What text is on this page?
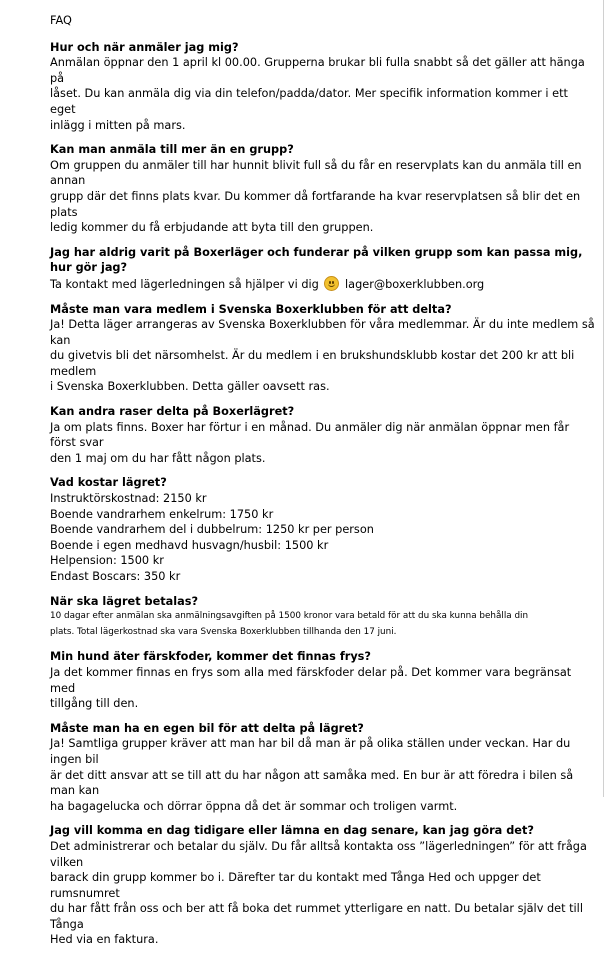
FAQ
Hur och när anmäler jag mig?
Anmälan öppnar den 1 april kl 00.00. Grupperna brukar bli fulla snabbt så det gäller att hänga på
låset. Du kan anmäla dig via din telefon/padda/dator. Mer specifik information kommer i ett eget
inlägg i mitten på mars.
Kan man anmäla till mer än en grupp?
Om gruppen du anmäler till har hunnit blivit full så du får en reservplats kan du anmäla till en annan
grupp där det finns plats kvar. Du kommer då fortfarande ha kvar reservplatsen så blir det en plats
ledig kommer du få erbjudande att byta till den gruppen.
Jag har aldrig varit på Boxerläger och funderar på vilken grupp som kan passa mig, hur gör jag?
Ta kontakt med lägerledningen så hjälper vi dig lager@boxerklubben.org
Måste man vara medlem i Svenska Boxerklubben för att delta?
Ja! Detta läger arrangeras av Svenska Boxerklubben för våra medlemmar. Är du inte medlem så kan
du givetvis bli det närsomhelst. Är du medlem i en brukshundsklubb kostar det 200 kr att bli medlem
i Svenska Boxerklubben. Detta gäller oavsett ras.
Kan andra raser delta på Boxerlägret?
Ja om plats finns. Boxer har förtur i en månad. Du anmäler dig när anmälan öppnar men får först svar
den 1 maj om du har fått någon plats.
Vad kostar lägret?
Instruktörskostnad: 2150 kr
Boende vandrarhem enkelrum: 1750 kr
Boende vandrarhem del i dubbelrum: 1250 kr per person
Boende i egen medhavd husvagn/husbil: 1500 kr
Helpension: 1500 kr
Endast Boscars: 350 kr
När ska lägret betalas?
10 dagar efter anmälan ska anmälningsavgiften på 1500 kronor vara betald för att du ska kunna behålla din
plats. Total lägerkostnad ska vara Svenska Boxerklubben tillhanda den 17 juni.
Min hund äter färskfoder, kommer det finnas frys?
Ja det kommer finnas en frys som alla med färskfoder delar på. Det kommer vara begränsat med
tillgång till den.
Måste man ha en egen bil för att delta på lägret?
Ja! Samtliga grupper kräver att man har bil då man är på olika ställen under veckan. Har du ingen bil
är det ditt ansvar att se till att du har någon att samåka med. En bur är att föredra i bilen så man kan
ha bagagelucka och dörrar öppna då det är sommar och troligen varmt.
Jag vill komma en dag tidigare eller lämna en dag senare, kan jag göra det?
Det administrerar och betalar du själv. Du får alltså kontakta oss ”lägerledningen” för att fråga vilken
barack din grupp kommer bo i. Därefter tar du kontakt med Tånga Hed och uppger det rumsnumret
du har fått från oss och ber att få boka det rummet ytterligare en natt. Du betalar själv det till Tånga
Hed via en faktura.
